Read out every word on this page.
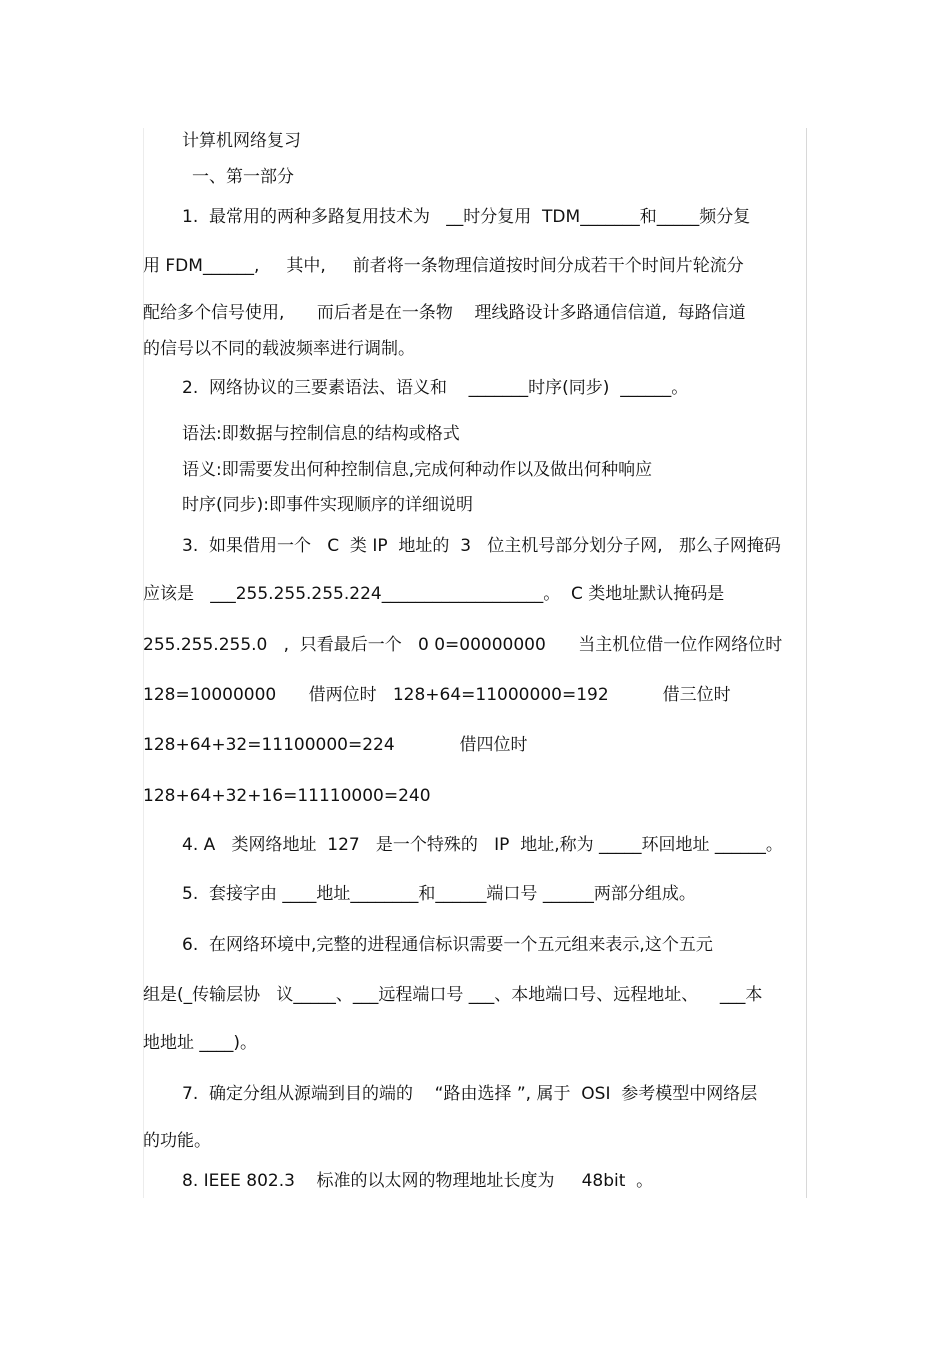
计算机网络复习
一、第一部分
1.  最常用的两种多路复用技术为   __时分复用  TDM_______和_____频分复
用 FDM______,     其中,     前者将一条物理信道按时间分成若干个时间片轮流分
配给多个信号使用,      而后者是在一条物    理线路设计多路通信信道,  每路信道
的信号以不同的载波频率进行调制。
2.  网络协议的三要素语法、语义和    _______时序(同步)  ______。
语法:即数据与控制信息的结构或格式
语义:即需要发出何种控制信息,完成何种动作以及做出何种响应
时序(同步):即事件实现顺序的详细说明
3.  如果借用一个   C  类 IP  地址的  3   位主机号部分划分子网,   那么子网掩码
应该是   ___255.255.255.224___________________。  C 类地址默认掩码是
255.255.255.0   ,  只看最后一个   0 0=00000000      当主机位借一位作网络位时
128=10000000      借两位时   128+64=11000000=192          借三位时
128+64+32=11100000=224            借四位时
128+64+32+16=11110000=240
4. A   类网络地址  127   是一个特殊的   IP  地址,称为 _____环回地址 ______。
5.  套接字由 ____地址________和______端口号 ______两部分组成。
6.  在网络环境中,完整的进程通信标识需要一个五元组来表示,这个五元
组是(_传输层协   议_____、___远程端口号 ___、本地端口号、远程地址、    ___本
地地址 ____)。
7.  确定分组从源端到目的端的    “路由选择 ”, 属于  OSI  参考模型中网络层
的功能。
8. IEEE 802.3    标准的以太网的物理地址长度为     48bit  。
